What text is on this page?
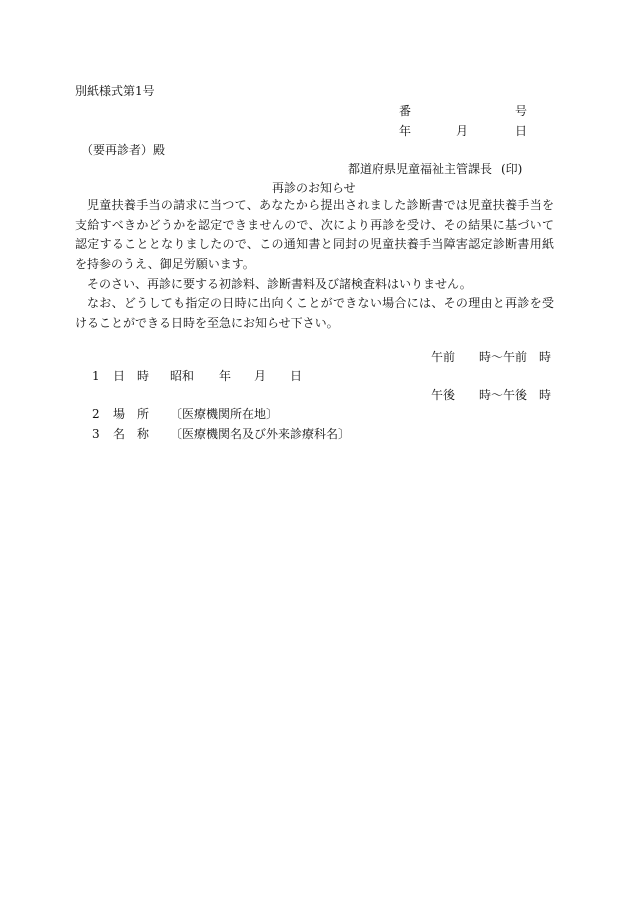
別紙様式第1号
番	号
年	月	日
（要再診者）殿
都道府県児童福祉主管課長 (印)
再診のお知らせ
児童扶養手当の請求に当つて、あなたから提出されました診断書では児童扶養手当を支給すべきかどうかを認定できませんので、次により再診を受け、その結果に基づいて認定することとなりましたので、この通知書と同封の児童扶養手当障害認定診断書用紙を持参のうえ、御足労願います。
そのさい、再診に要する初診料、診断書料及び諸検査料はいりません。
なお、どうしても指定の日時に出向くことができない場合には、その理由と再診を受けることができる日時を至急にお知らせ下さい。
午前　　時～午前　時
1 日　時 昭和 年 月 日
午後　　時～午後　時
2 場　所 〔医療機関所在地〕
3 名　称 〔医療機関名及び外来診療科名〕
